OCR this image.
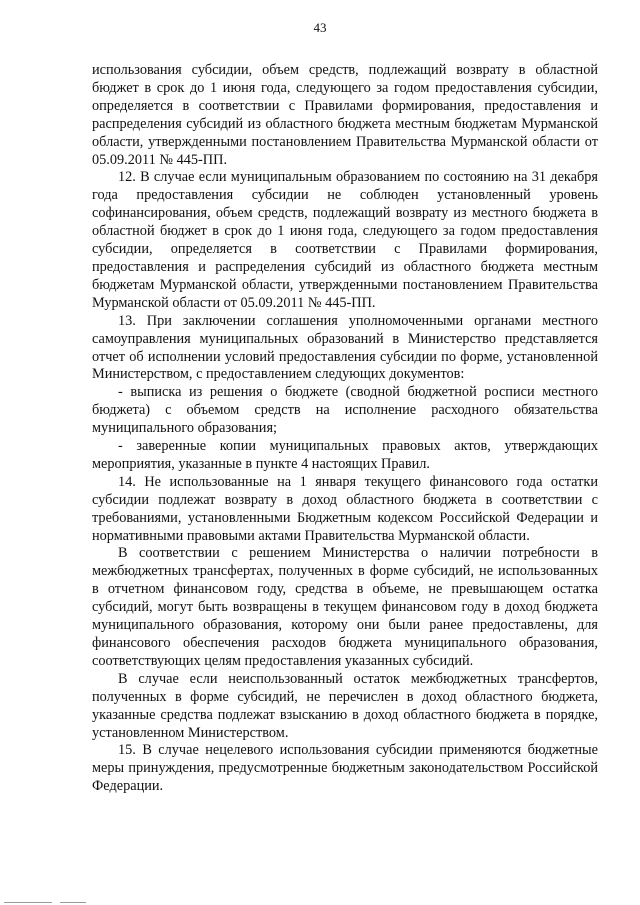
43

использования субсидии, объем средств, подлежащий возврату в областной бюджет в срок до 1 июня года, следующего за годом предоставления субсидии, определяется в соответствии с Правилами формирования, предоставления и распределения субсидий из областного бюджета местным бюджетам Мурманской области, утвержденными постановлением Правительства Мурманской области от 05.09.2011 № 445-ПП.

12. В случае если муниципальным образованием по состоянию на 31 декабря года предоставления субсидии не соблюден установленный уровень софинансирования, объем средств, подлежащий возврату из местного бюджета в областной бюджет в срок до 1 июня года, следующего за годом предоставления субсидии, определяется в соответствии с Правилами формирования, предоставления и распределения субсидий из областного бюджета местным бюджетам Мурманской области, утвержденными постановлением Правительства Мурманской области от 05.09.2011 № 445-ПП.

13. При заключении соглашения уполномоченными органами местного самоуправления муниципальных образований в Министерство представляется отчет об исполнении условий предоставления субсидии по форме, установленной Министерством, с предоставлением следующих документов:

- выписка из решения о бюджете (сводной бюджетной росписи местного бюджета) с объемом средств на исполнение расходного обязательства муниципального образования;

- заверенные копии муниципальных правовых актов, утверждающих мероприятия, указанные в пункте 4 настоящих Правил.

14. Не использованные на 1 января текущего финансового года остатки субсидии подлежат возврату в доход областного бюджета в соответствии с требованиями, установленными Бюджетным кодексом Российской Федерации и нормативными правовыми актами Правительства Мурманской области.

В соответствии с решением Министерства о наличии потребности в межбюджетных трансфертах, полученных в форме субсидий, не использованных в отчетном финансовом году, средства в объеме, не превышающем остатка субсидий, могут быть возвращены в текущем финансовом году в доход бюджета муниципального образования, которому они были ранее предоставлены, для финансового обеспечения расходов бюджета муниципального образования, соответствующих целям предоставления указанных субсидий.

В случае если неиспользованный остаток межбюджетных трансфертов, полученных в форме субсидий, не перечислен в доход областного бюджета, указанные средства подлежат взысканию в доход областного бюджета в порядке, установленном Министерством.

15. В случае нецелевого использования субсидии применяются бюджетные меры принуждения, предусмотренные бюджетным законодательством Российской Федерации.
